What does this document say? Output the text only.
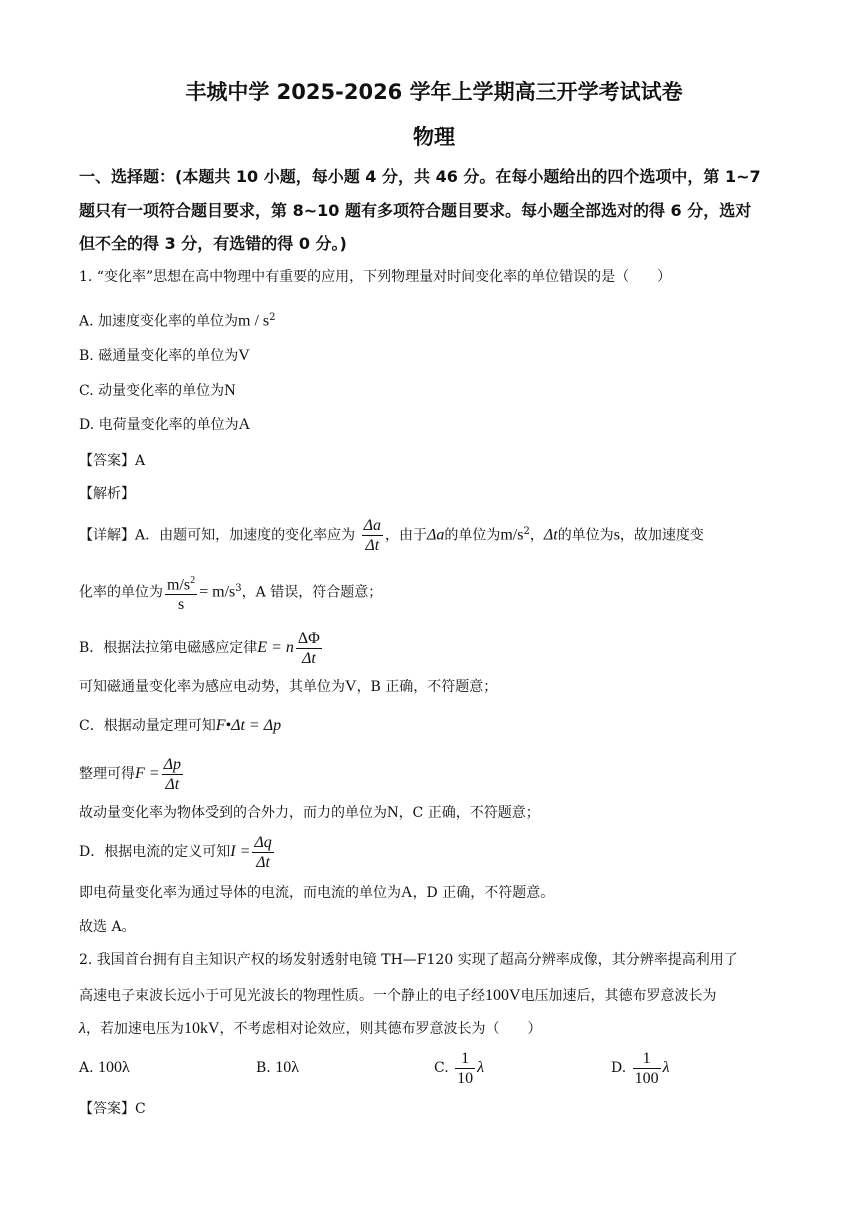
丰城中学 2025-2026 学年上学期高三开学考试试卷
物理
一、选择题：(本题共 10 小题，每小题 4 分，共 46 分。在每小题给出的四个选项中，第 1~7
题只有一项符合题目要求，第 8~10 题有多项符合题目要求。每小题全部选对的得 6 分，选对
但不全的得 3 分，有选错的得 0 分。)
1. “变化率”思想在高中物理中有重要的应用，下列物理量对时间变化率的单位错误的是（　　）
A. 加速度变化率的单位为m / $s^2$
B. 磁通量变化率的单位为V
C. 动量变化率的单位为N
D. 电荷量变化率的单位为A
【答案】A
【解析】
【详解】A．由题可知，加速度的变化率应为 $\frac{\Delta a}{\Delta t}$ ，由于Δa的单位为$m/s^2$，Δt的单位为s，故加速度变
化率的单位为 $\frac{m/s^2}{s} = m/s^3$，A 错误，符合题意；
B．根据法拉第电磁感应定律E = n $\frac{\Delta\Phi}{\Delta t}$
可知磁通量变化率为感应电动势，其单位为V，B 正确，不符题意；
C．根据动量定理可知F•Δt = Δp
整理可得$F = \frac{\Delta p}{\Delta t}$
故动量变化率为物体受到的合外力，而力的单位为N，C 正确，不符题意；
D．根据电流的定义可知$I = \frac{\Delta q}{\Delta t}$
即电荷量变化率为通过导体的电流，而电流的单位为A，D 正确，不符题意。
故选 A。
2. 我国首台拥有自主知识产权的场发射透射电镜 TH—F120 实现了超高分辨率成像，其分辨率提高利用了
高速电子束波长远小于可见光波长的物理性质。一个静止的电子经100V电压加速后，其德布罗意波长为
λ，若加速电压为10kV，不考虑相对论效应，则其德布罗意波长为（　　）
A. 100λ	B. 10λ	C. $\frac{1}{10}$ λ	D. $\frac{1}{100}$ λ
【答案】C
